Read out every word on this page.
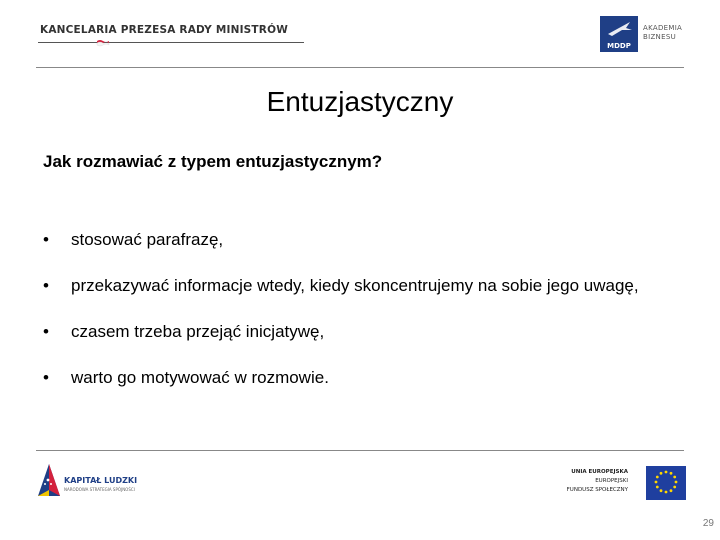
KANCELARIA PREZESA RADY MINISTRÓW
MDDP
AKADEMIA
BIZNESU
Entuzjastyczny
Jak rozmawiać z typem entuzjastycznym?
• stosować parafrazę,
• przekazywać informacje wtedy, kiedy skoncentrujemy na sobie jego uwagę,
• czasem trzeba przejąć inicjatywę,
• warto go motywować w rozmowie.
KAPITAŁ LUDZKI
NARODOWA STRATEGIA SPÓJNOŚCI
UNIA EUROPEJSKA
EUROPEJSKI
FUNDUSZ SPOŁECZNY
29
